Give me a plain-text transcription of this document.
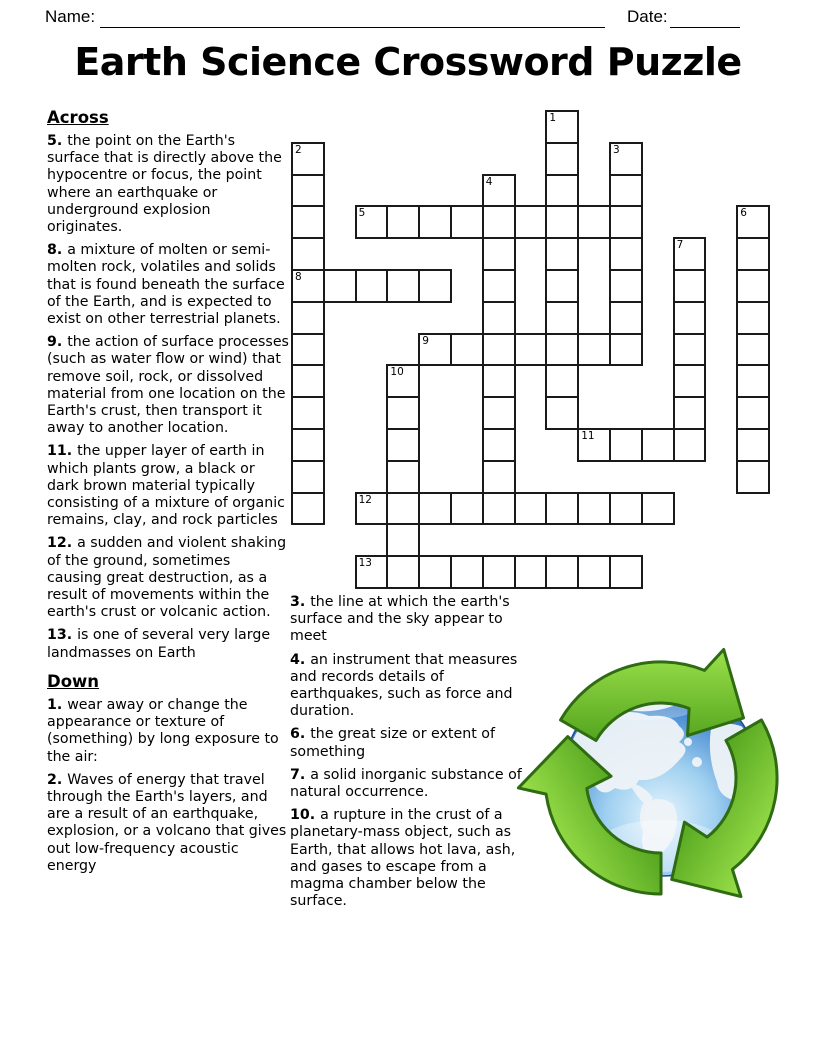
Name:	Date:
Earth Science Crossword Puzzle
Across

5. the point on the Earth's surface that is directly above the hypocentre or focus, the point where an earthquake or underground explosion originates.

8. a mixture of molten or semi-molten rock, volatiles and solids that is found beneath the surface of the Earth, and is expected to exist on other terrestrial planets.

9. the action of surface processes (such as water flow or wind) that remove soil, rock, or dissolved material from one location on the Earth's crust, then transport it away to another location.

11. the upper layer of earth in which plants grow, a black or dark brown material typically consisting of a mixture of organic remains, clay, and rock particles

12. a sudden and violent shaking of the ground, sometimes causing great destruction, as a result of movements within the earth's crust or volcanic action.

13. is one of several very large landmasses on Earth

Down

1. wear away or change the appearance or texture of (something) by long exposure to the air:

2. Waves of energy that travel through the Earth's layers, and are a result of an earthquake, explosion, or a volcano that gives out low-frequency acoustic energy

3. the line at which the earth's surface and the sky appear to meet

4. an instrument that measures and records details of earthquakes, such as force and duration.

6. the great size or extent of something

7. a solid inorganic substance of natural occurrence.

10. a rupture in the crust of a planetary-mass object, such as Earth, that allows hot lava, ash, and gases to escape from a magma chamber below the surface.

1
2
8
3
4
5	6
7
9
10
11
12
13
